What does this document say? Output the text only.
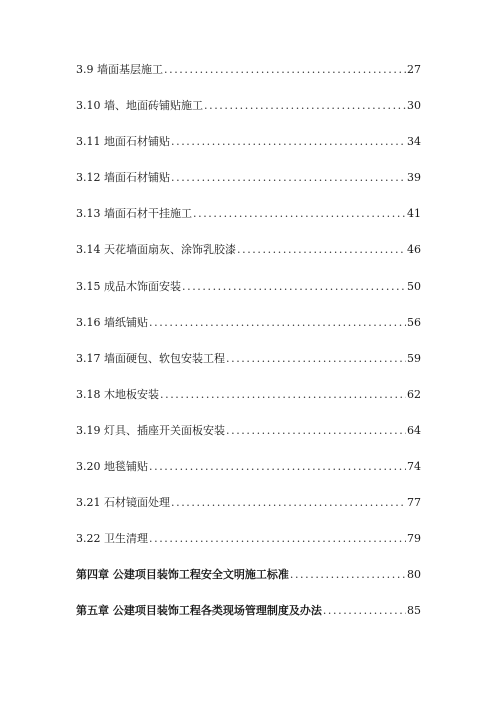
3.9 墙面基层施工 .....	27
3.10 墙、地面砖铺贴施工 .....	30
3.11 地面石材铺贴 .....	34
3.12 墙面石材铺贴 .....	39
3.13 墙面石材干挂施工 .....	41
3.14 天花墙面扇灰、涂饰乳胶漆 .....	46
3.15 成品木饰面安装 .....	50
3.16 墙纸铺贴 .....	56
3.17 墙面硬包、软包安装工程 .....	59
3.18 木地板安装 .....	62
3.19 灯具、插座开关面板安装 .....	64
3.20 地毯铺贴 .....	74
3.21 石材镜面处理 .....	77
3.22 卫生清理 .....	79
第四章 公建项目装饰工程安全文明施工标准 .....	80
第五章 公建项目装饰工程各类现场管理制度及办法 .....	85
